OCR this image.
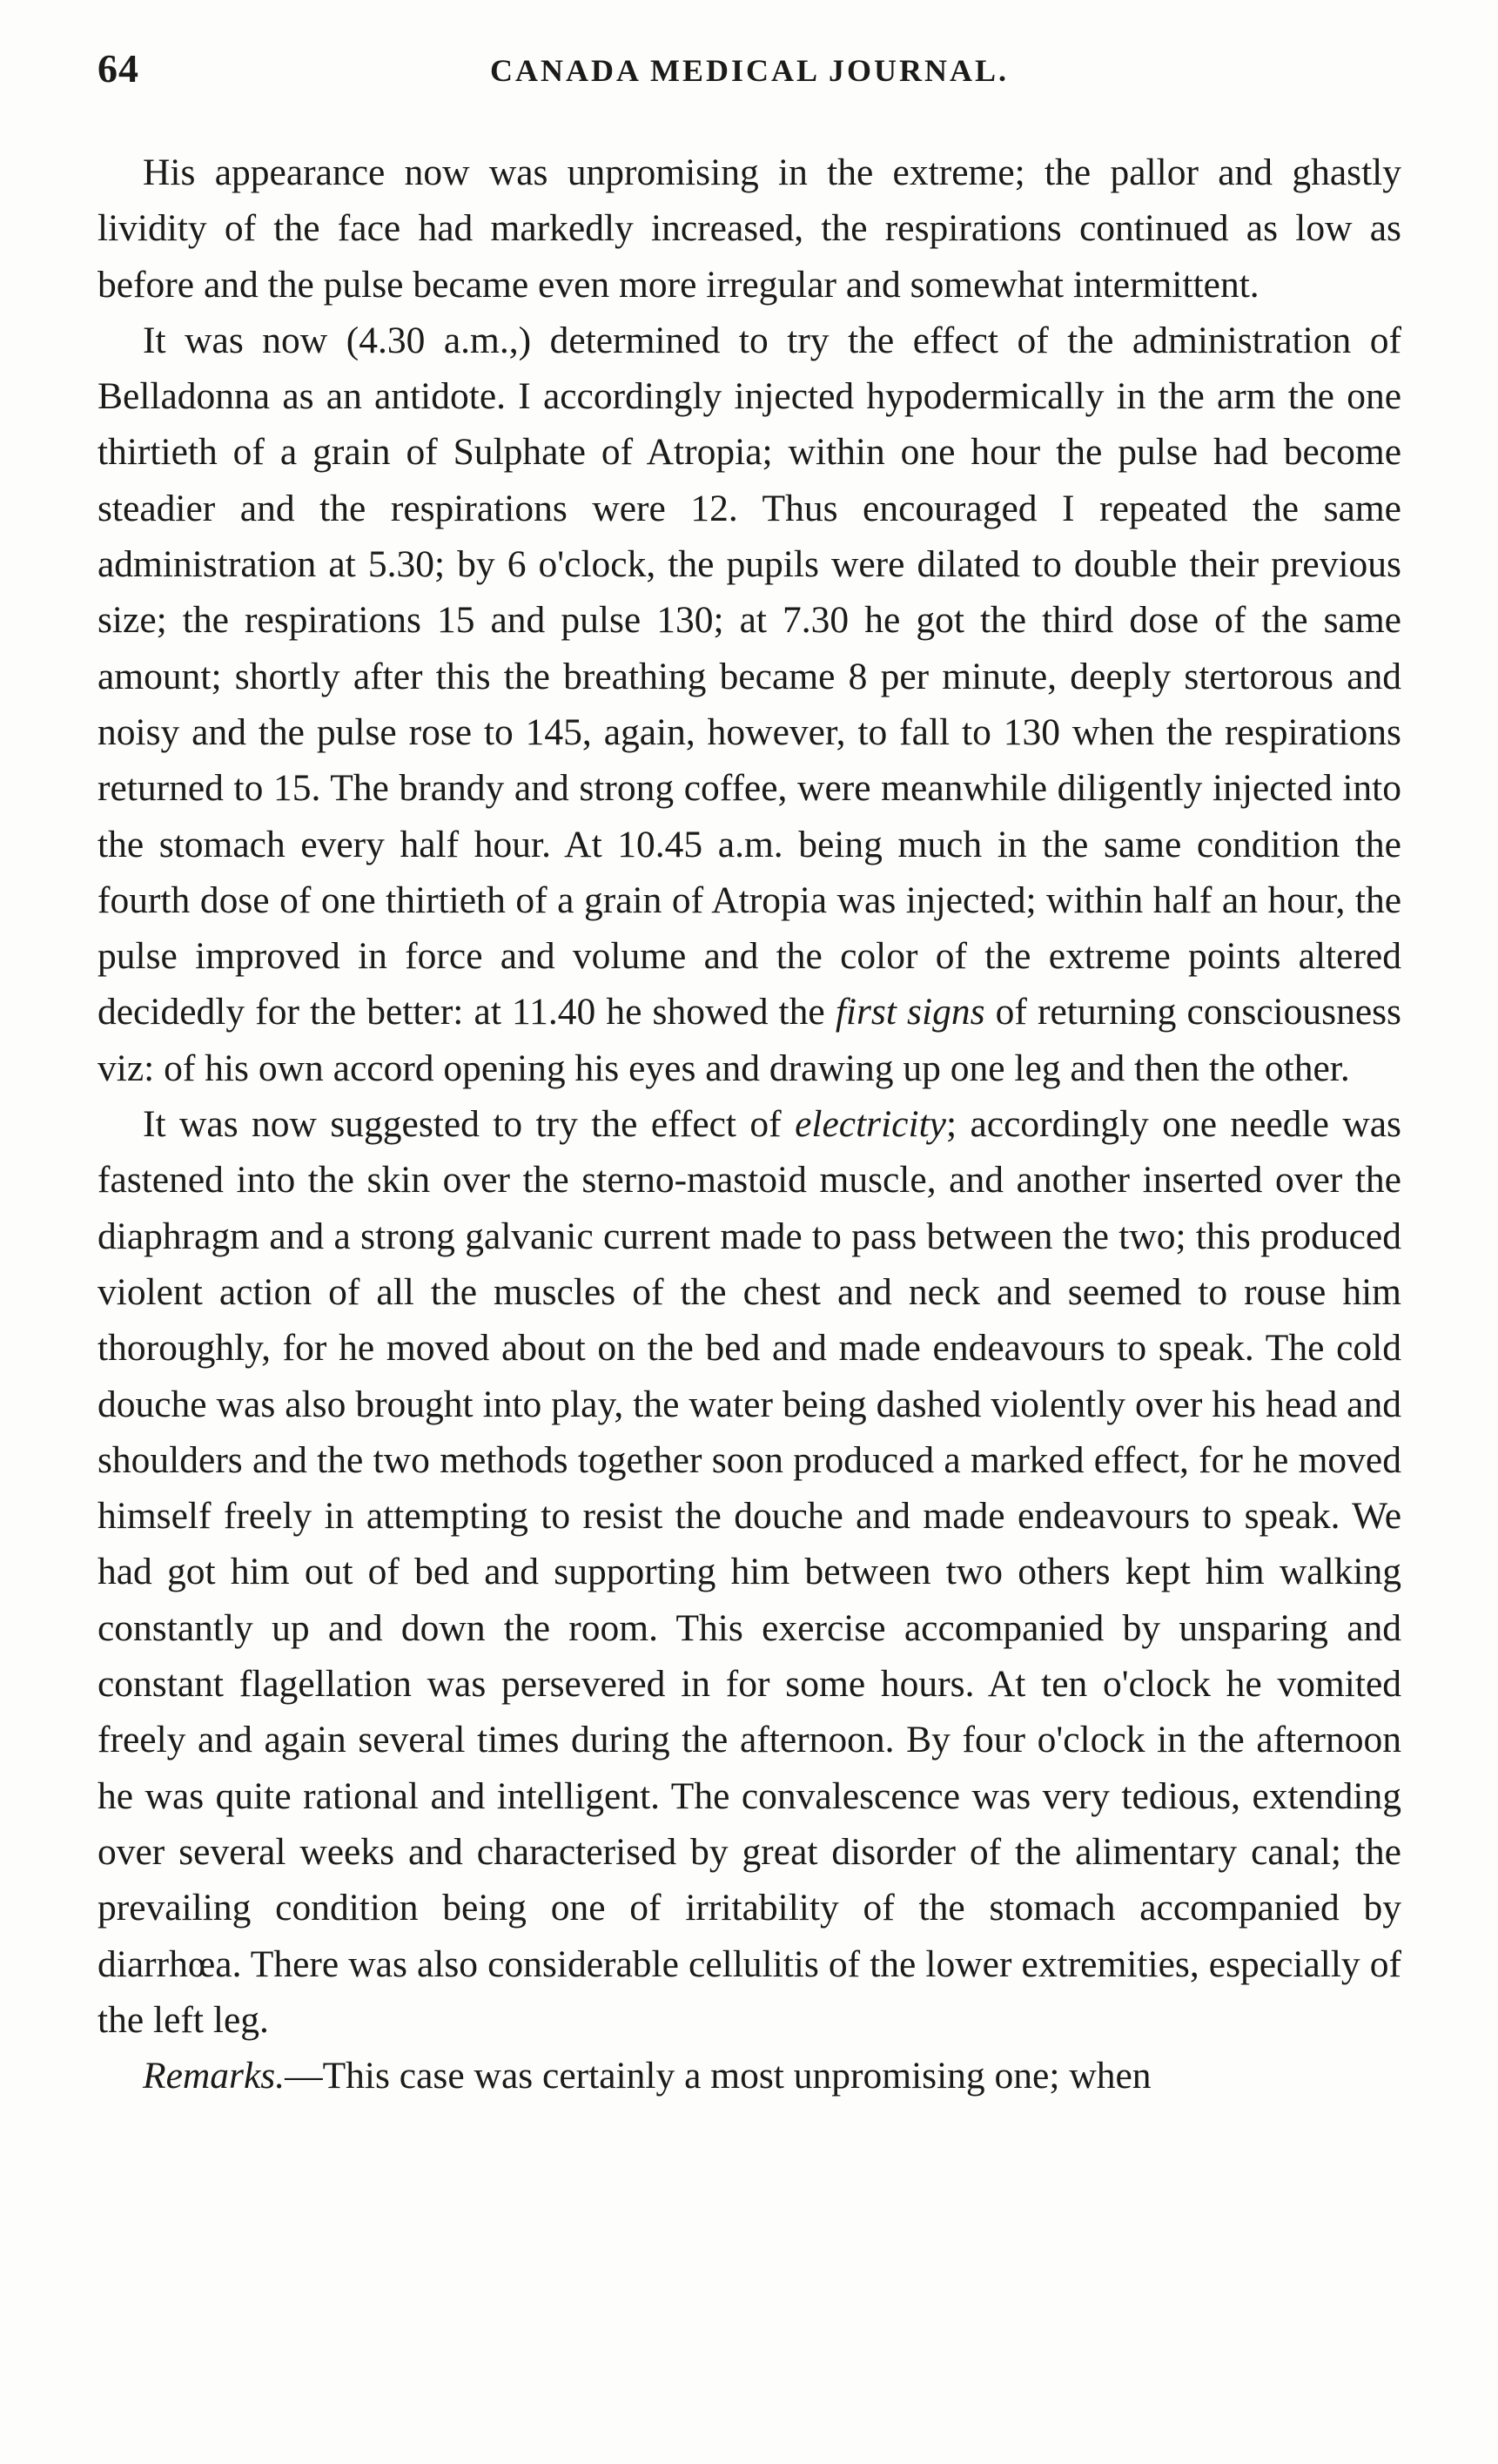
64	CANADA MEDICAL JOURNAL.

His appearance now was unpromising in the extreme; the pallor and ghastly lividity of the face had markedly increased, the respirations continued as low as before and the pulse became even more irregular and somewhat intermittent.

It was now (4.30 a.m.,) determined to try the effect of the administration of Belladonna as an antidote. I accordingly injected hypodermically in the arm the one thirtieth of a grain of Sulphate of Atropia; within one hour the pulse had become steadier and the respirations were 12. Thus encouraged I repeated the same administration at 5.30; by 6 o'clock, the pupils were dilated to double their previous size; the respirations 15 and pulse 130; at 7.30 he got the third dose of the same amount; shortly after this the breathing became 8 per minute, deeply stertorous and noisy and the pulse rose to 145, again, however, to fall to 130 when the respirations returned to 15. The brandy and strong coffee, were meanwhile diligently injected into the stomach every half hour. At 10.45 a.m. being much in the same condition the fourth dose of one thirtieth of a grain of Atropia was injected; within half an hour, the pulse improved in force and volume and the color of the extreme points altered decidedly for the better: at 11.40 he showed the first signs of returning consciousness viz: of his own accord opening his eyes and drawing up one leg and then the other.

It was now suggested to try the effect of electricity; accordingly one needle was fastened into the skin over the sterno-mastoid muscle, and another inserted over the diaphragm and a strong galvanic current made to pass between the two; this produced violent action of all the muscles of the chest and neck and seemed to rouse him thoroughly, for he moved about on the bed and made endeavours to speak. The cold douche was also brought into play, the water being dashed violently over his head and shoulders and the two methods together soon produced a marked effect, for he moved himself freely in attempting to resist the douche and made endeavours to speak. We had got him out of bed and supporting him between two others kept him walking constantly up and down the room. This exercise accompanied by unsparing and constant flagellation was persevered in for some hours. At ten o'clock he vomited freely and again several times during the afternoon. By four o'clock in the afternoon he was quite rational and intelligent. The convalescence was very tedious, extending over several weeks and characterised by great disorder of the alimentary canal; the prevailing condition being one of irritability of the stomach accompanied by diarrhœa. There was also considerable cellulitis of the lower extremities, especially of the left leg.

Remarks.—This case was certainly a most unpromising one; when
